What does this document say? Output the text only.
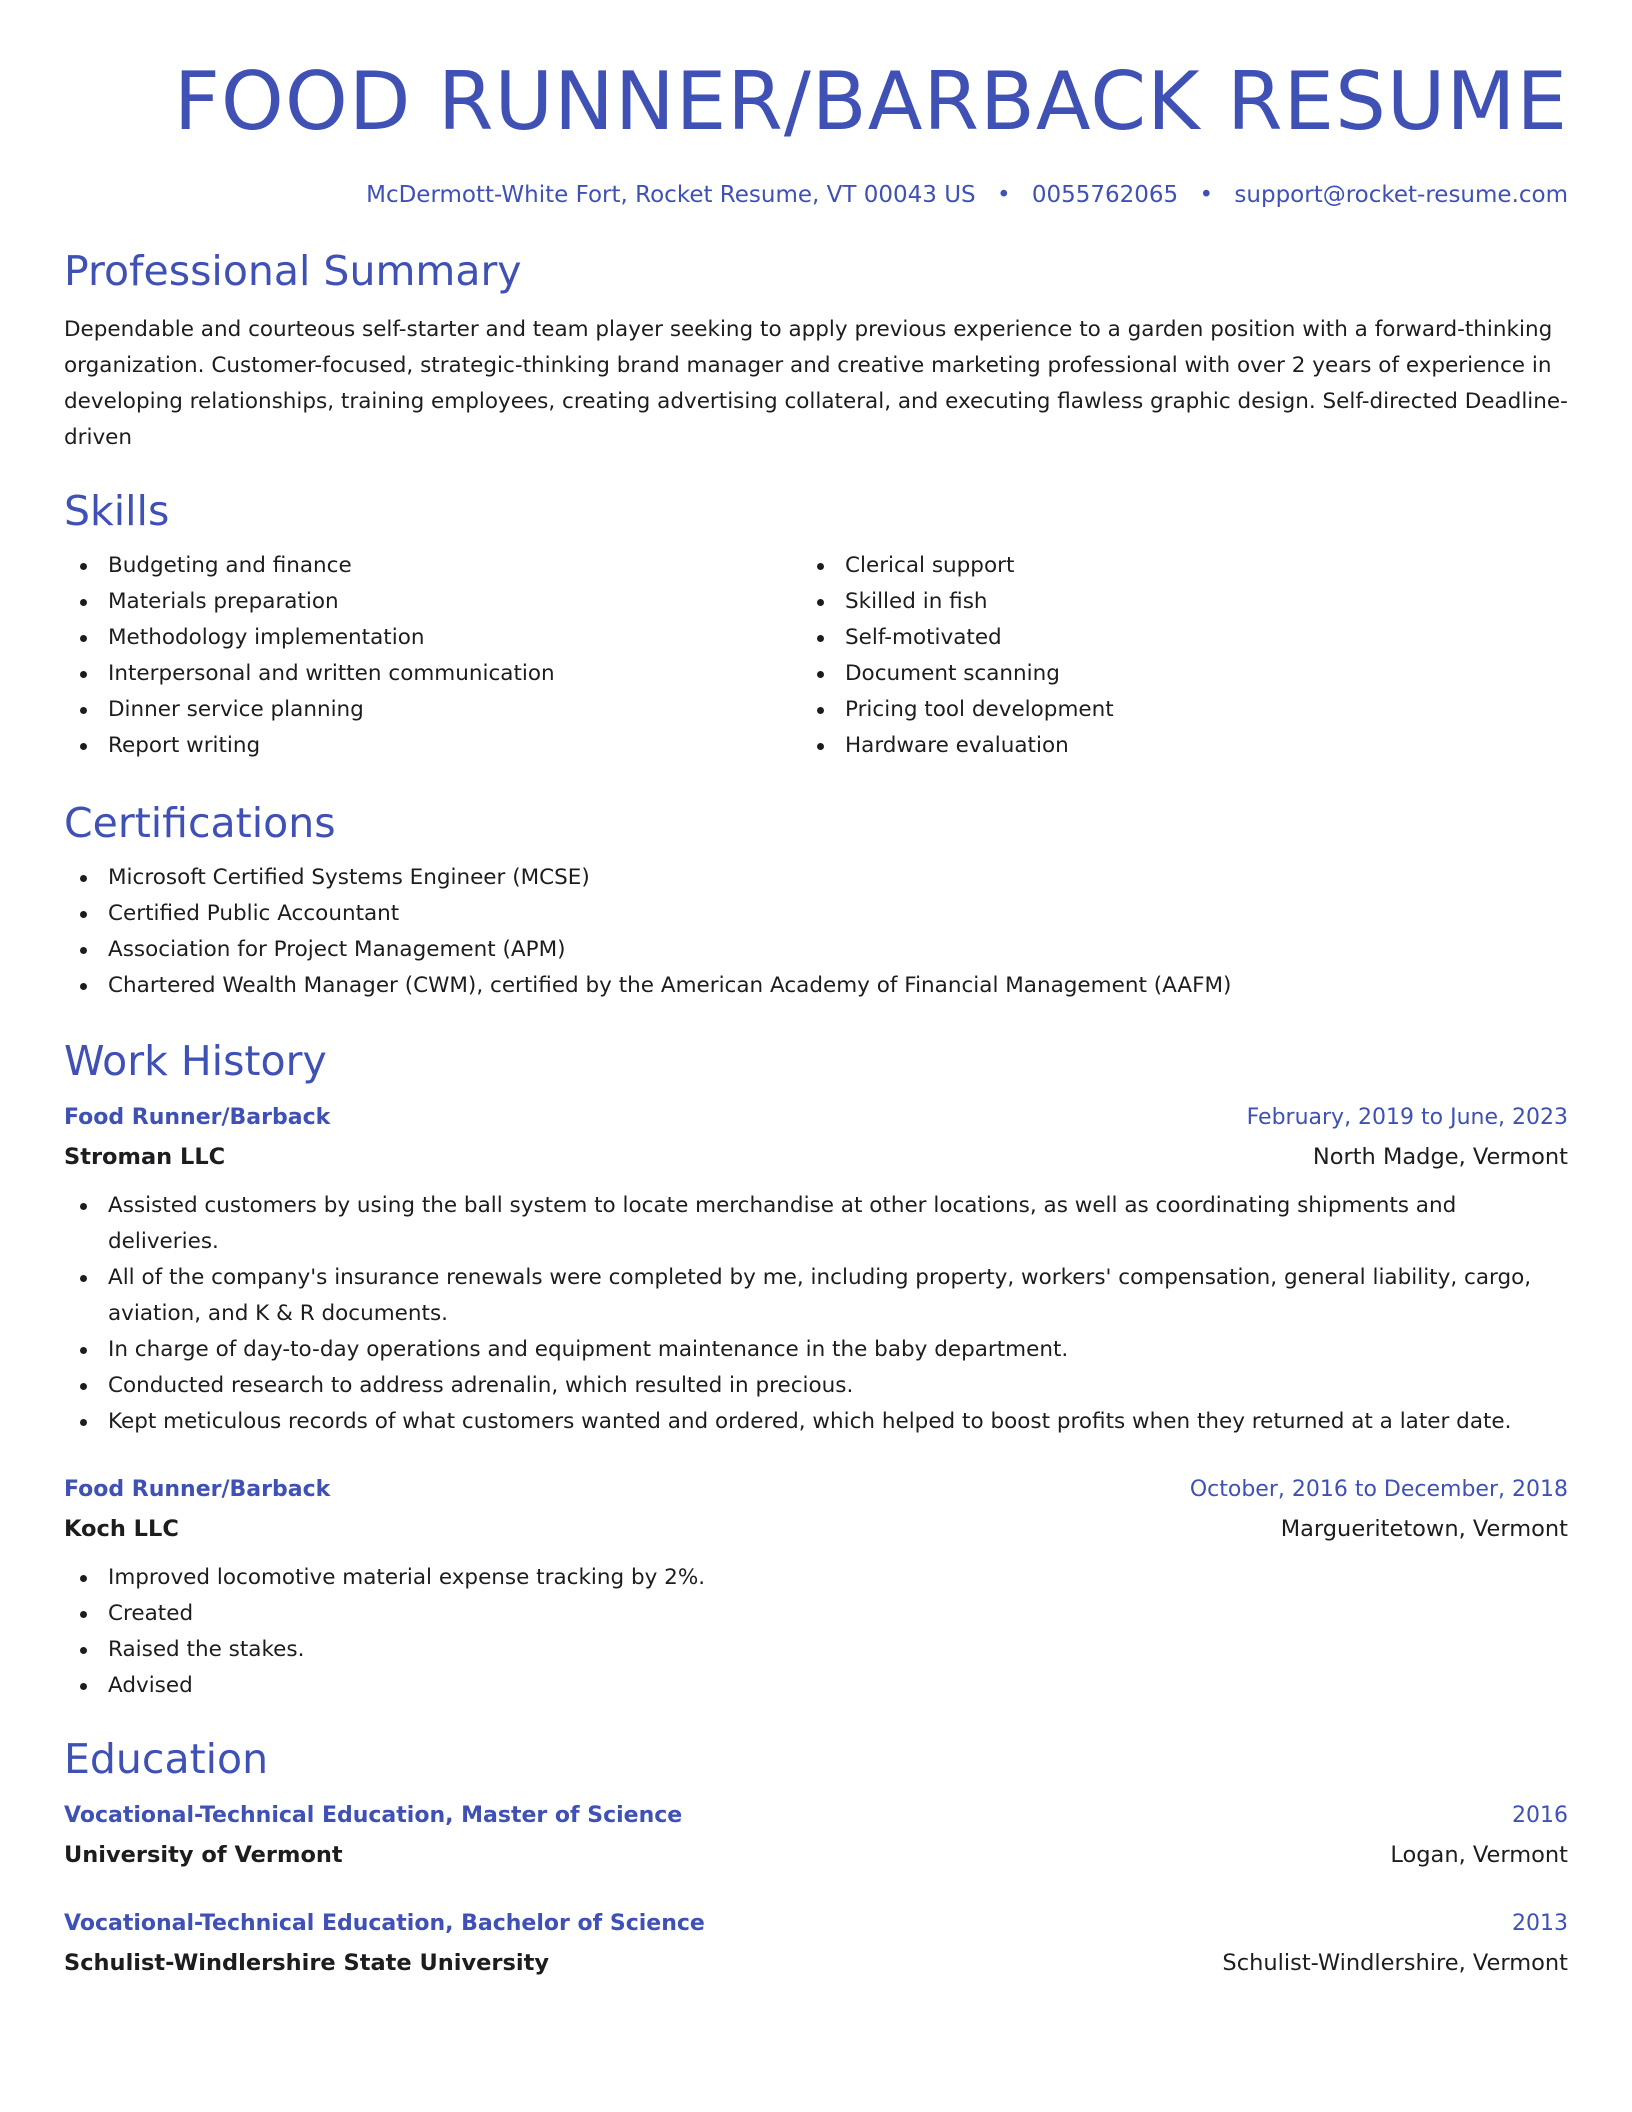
FOOD RUNNER/BARBACK RESUME
McDermott-White Fort, Rocket Resume, VT 00043 US • 0055762065 • support@rocket-resume.com
Professional Summary
Dependable and courteous self-starter and team player seeking to apply previous experience to a garden position with a forward-thinking organization. Customer-focused, strategic-thinking brand manager and creative marketing professional with over 2 years of experience in developing relationships, training employees, creating advertising collateral, and executing flawless graphic design. Self-directed Deadline-driven
Skills
Budgeting and finance
Materials preparation
Methodology implementation
Interpersonal and written communication
Dinner service planning
Report writing
Clerical support
Skilled in fish
Self-motivated
Document scanning
Pricing tool development
Hardware evaluation
Certifications
Microsoft Certified Systems Engineer (MCSE)
Certified Public Accountant
Association for Project Management (APM)
Chartered Wealth Manager (CWM), certified by the American Academy of Financial Management (AAFM)
Work History
Food Runner/Barback	February, 2019 to June, 2023
Stroman LLC	North Madge, Vermont
Assisted customers by using the ball system to locate merchandise at other locations, as well as coordinating shipments and deliveries.
All of the company's insurance renewals were completed by me, including property, workers' compensation, general liability, cargo, aviation, and K & R documents.
In charge of day-to-day operations and equipment maintenance in the baby department.
Conducted research to address adrenalin, which resulted in precious.
Kept meticulous records of what customers wanted and ordered, which helped to boost profits when they returned at a later date.
Food Runner/Barback	October, 2016 to December, 2018
Koch LLC	Margueritetown, Vermont
Improved locomotive material expense tracking by 2%.
Created
Raised the stakes.
Advised
Education
Vocational-Technical Education, Master of Science	2016
University of Vermont	Logan, Vermont
Vocational-Technical Education, Bachelor of Science	2013
Schulist-Windlershire State University	Schulist-Windlershire, Vermont
